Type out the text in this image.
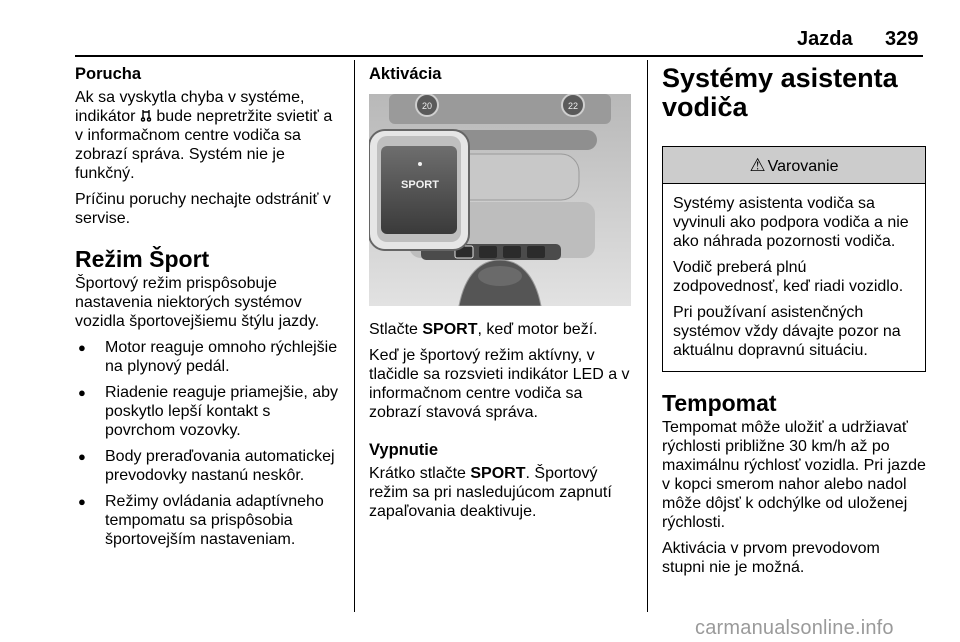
Jazda 329
Porucha

Ak sa vyskytla chyba v systéme, indikátor  bude nepretržite svietiť a v informačnom centre vodiča sa zobrazí správa. Systém nie je funkčný.

Príčinu poruchy nechajte odstrániť v servise.

Režim Šport

Športový režim prispôsobuje nastavenia niektorých systémov vozidla športovejšiemu štýlu jazdy.

● Motor reaguje omnoho rýchlejšie na plynový pedál.
● Riadenie reaguje priamejšie, aby poskytlo lepší kontakt s povrchom vozovky.
● Body preraďovania automatickej prevodovky nastanú neskôr.
● Režimy ovládania adaptívneho tempomatu sa prispôsobia športovejším nastaveniam.
Aktivácia
SPORT
20	22

Stlačte SPORT, keď motor beží.

Keď je športový režim aktívny, v tlačidle sa rozsvieti indikátor LED a v informačnom centre vodiča sa zobrazí stavová správa.

Vypnutie

Krátko stlačte SPORT. Športový režim sa pri nasledujúcom zapnutí zapaľovania deaktivuje.

Systémy asistenta vodiča
⚠ Varovanie

Systémy asistenta vodiča sa vyvinuli ako podpora vodiča a nie ako náhrada pozornosti vodiča.

Vodič preberá plnú zodpovednosť, keď riadi vozidlo.

Pri používaní asistenčných systémov vždy dávajte pozor na aktuálnu dopravnú situáciu.

Tempomat

Tempomat môže uložiť a udržiavať rýchlosti približne 30 km/h až po maximálnu rýchlosť vozidla. Pri jazde v kopci smerom nahor alebo nadol môže dôjsť k odchýlke od uloženej rýchlosti.

Aktivácia v prvom prevodovom stupni nie je možná.

carmanualsonline.info
